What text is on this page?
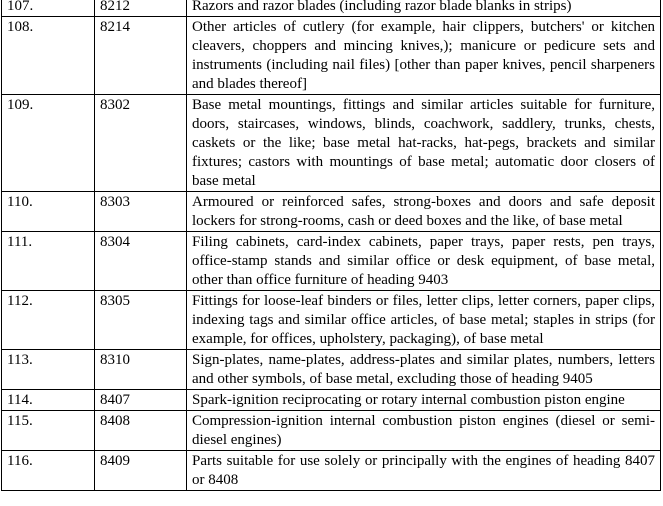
107.	8212	Razors and razor blades (including razor blade blanks in strips)
108.	8214	Other articles of cutlery (for example, hair clippers, butchers' or kitchen cleavers, choppers and mincing knives,); manicure or pedicure sets and instruments (including nail files) [other than paper knives, pencil sharpeners and blades thereof]
109.	8302	Base metal mountings, fittings and similar articles suitable for furniture, doors, staircases, windows, blinds, coachwork, saddlery, trunks, chests, caskets or the like; base metal hat-racks, hat-pegs, brackets and similar fixtures; castors with mountings of base metal; automatic door closers of base metal
110.	8303	Armoured or reinforced safes, strong-boxes and doors and safe deposit lockers for strong-rooms, cash or deed boxes and the like, of base metal
111.	8304	Filing cabinets, card-index cabinets, paper trays, paper rests, pen trays, office-stamp stands and similar office or desk equipment, of base metal, other than office furniture of heading 9403
112.	8305	Fittings for loose-leaf binders or files, letter clips, letter corners, paper clips, indexing tags and similar office articles, of base metal; staples in strips (for example, for offices, upholstery, packaging), of base metal
113.	8310	Sign-plates, name-plates, address-plates and similar plates, numbers, letters and other symbols, of base metal, excluding those of heading 9405
114.	8407	Spark-ignition reciprocating or rotary internal combustion piston engine
115.	8408	Compression-ignition internal combustion piston engines (diesel or semi-diesel engines)
116.	8409	Parts suitable for use solely or principally with the engines of heading 8407 or 8408
